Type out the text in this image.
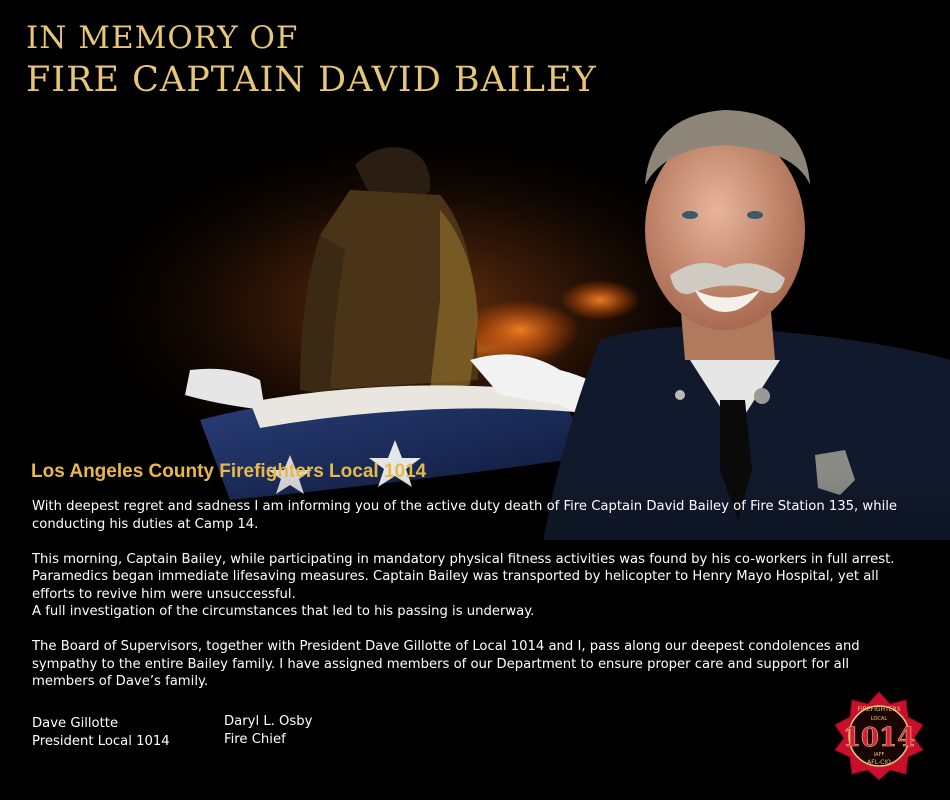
IN MEMORY OF
FIRE CAPTAIN DAVID BAILEY
Los Angeles County Firefighters Local 1014

With deepest regret and sadness I am informing you of the active duty death of Fire Captain David Bailey of Fire Station 135, while conducting his duties at Camp 14.

This morning, Captain Bailey, while participating in mandatory physical fitness activities was found by his co-workers in full arrest. Paramedics began immediate lifesaving measures. Captain Bailey was transported by helicopter to Henry Mayo Hospital, yet all efforts to revive him were unsuccessful.
A full investigation of the circumstances that led to his passing is underway.

The Board of Supervisors, together with President Dave Gillotte of Local 1014 and I, pass along our deepest condolences and sympathy to the entire Bailey family. I have assigned members of our Department to ensure proper care and support for all members of Dave’s family.

Dave Gillotte
President Local 1014
Daryl L. Osby
Fire Chief
FIREFIGHTERS
LOCAL
1014
IAFF
AFL-CIO
